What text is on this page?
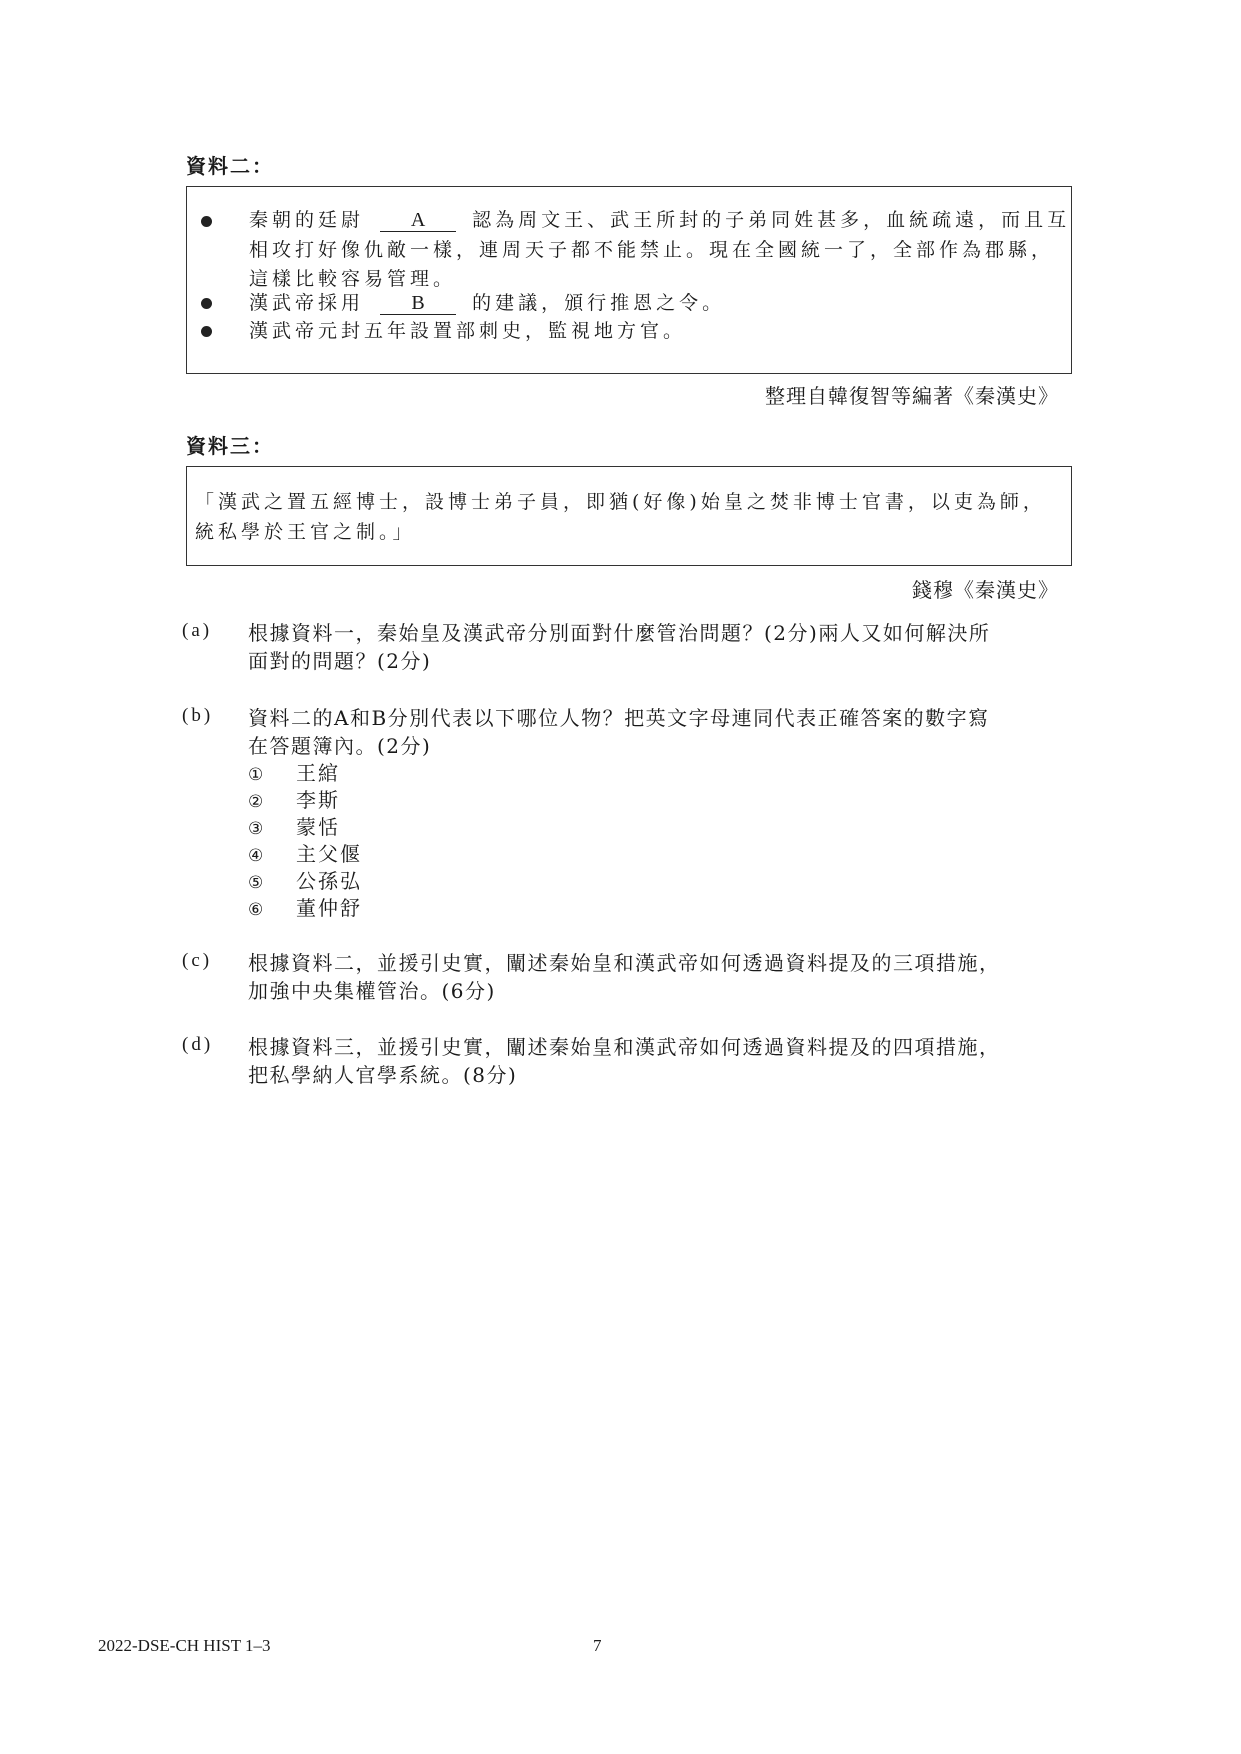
資料二：
秦朝的廷尉 A 認為周文王、武王所封的子弟同姓甚多，血統疏遠，而且互
相攻打好像仇敵一樣，連周天子都不能禁止。現在全國統一了，全部作為郡縣，
這樣比較容易管理。
漢武帝採用 B 的建議，頒行推恩之令。
漢武帝元封五年設置部刺史，監視地方官。
整理自韓復智等編著《秦漢史》
資料三：
「漢武之置五經博士，設博士弟子員，即猶(好像)始皇之焚非博士官書，以吏為師，
統私學於王官之制。」
錢穆《秦漢史》
(a) 根據資料一，秦始皇及漢武帝分別面對什麼管治問題？(2分)兩人又如何解決所
面對的問題？(2分)
(b) 資料二的A和B分別代表以下哪位人物？把英文字母連同代表正確答案的數字寫
在答題簿內。(2分)
① 王綰
② 李斯
③ 蒙恬
④ 主父偃
⑤ 公孫弘
⑥ 董仲舒
(c) 根據資料二，並援引史實，闡述秦始皇和漢武帝如何透過資料提及的三項措施，
加強中央集權管治。(6分)
(d) 根據資料三，並援引史實，闡述秦始皇和漢武帝如何透過資料提及的四項措施，
把私學納人官學系統。(8分)
2022-DSE-CH HIST 1–3	7
